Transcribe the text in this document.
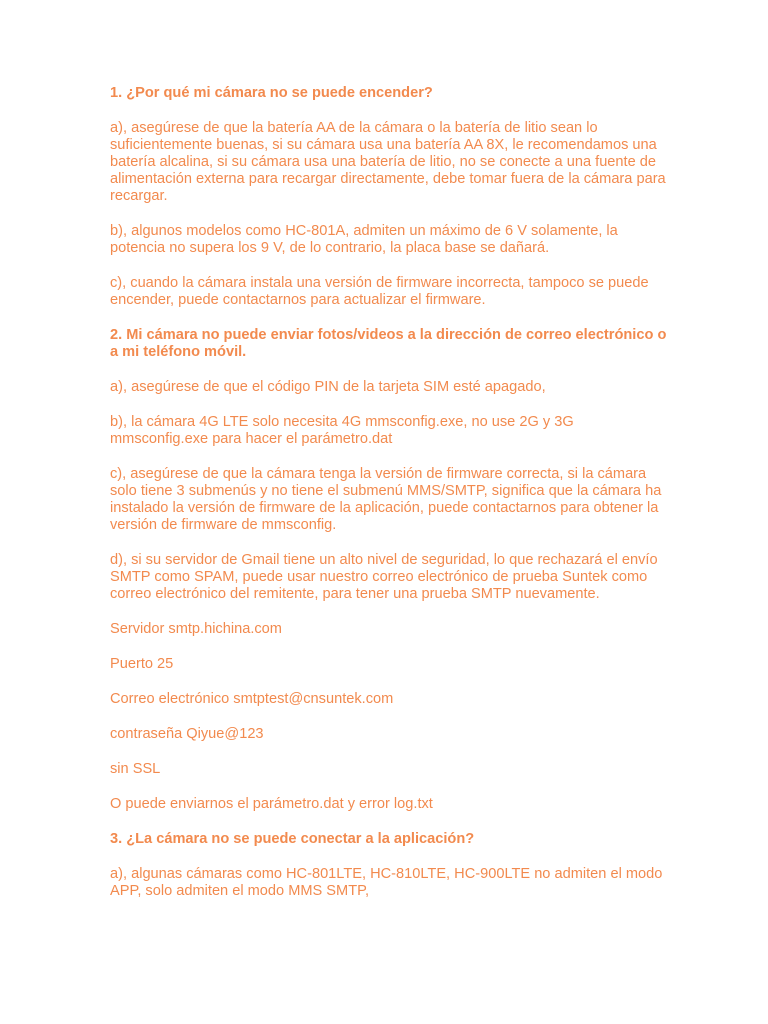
1. ¿Por qué mi cámara no se puede encender?

a), asegúrese de que la batería AA de la cámara o la batería de litio sean lo suficientemente buenas, si su cámara usa una batería AA 8X, le recomendamos una batería alcalina, si su cámara usa una batería de litio, no se conecte a una fuente de alimentación externa para recargar directamente, debe tomar fuera de la cámara para recargar.

b), algunos modelos como HC-801A, admiten un máximo de 6 V solamente, la potencia no supera los 9 V, de lo contrario, la placa base se dañará.

c), cuando la cámara instala una versión de firmware incorrecta, tampoco se puede encender, puede contactarnos para actualizar el firmware.

2. Mi cámara no puede enviar fotos/videos a la dirección de correo electrónico o a mi teléfono móvil.

a), asegúrese de que el código PIN de la tarjeta SIM esté apagado,

b), la cámara 4G LTE solo necesita 4G mmsconfig.exe, no use 2G y 3G mmsconfig.exe para hacer el parámetro.dat

c), asegúrese de que la cámara tenga la versión de firmware correcta, si la cámara solo tiene 3 submenús y no tiene el submenú MMS/SMTP, significa que la cámara ha instalado la versión de firmware de la aplicación, puede contactarnos para obtener la versión de firmware de mmsconfig.

d), si su servidor de Gmail tiene un alto nivel de seguridad, lo que rechazará el envío SMTP como SPAM, puede usar nuestro correo electrónico de prueba Suntek como correo electrónico del remitente, para tener una prueba SMTP nuevamente.

Servidor smtp.hichina.com

Puerto 25

Correo electrónico smtptest@cnsuntek.com

contraseña Qiyue@123

sin SSL

O puede enviarnos el parámetro.dat y error log.txt

3. ¿La cámara no se puede conectar a la aplicación?

a), algunas cámaras como HC-801LTE, HC-810LTE, HC-900LTE no admiten el modo APP, solo admiten el modo MMS SMTP,
